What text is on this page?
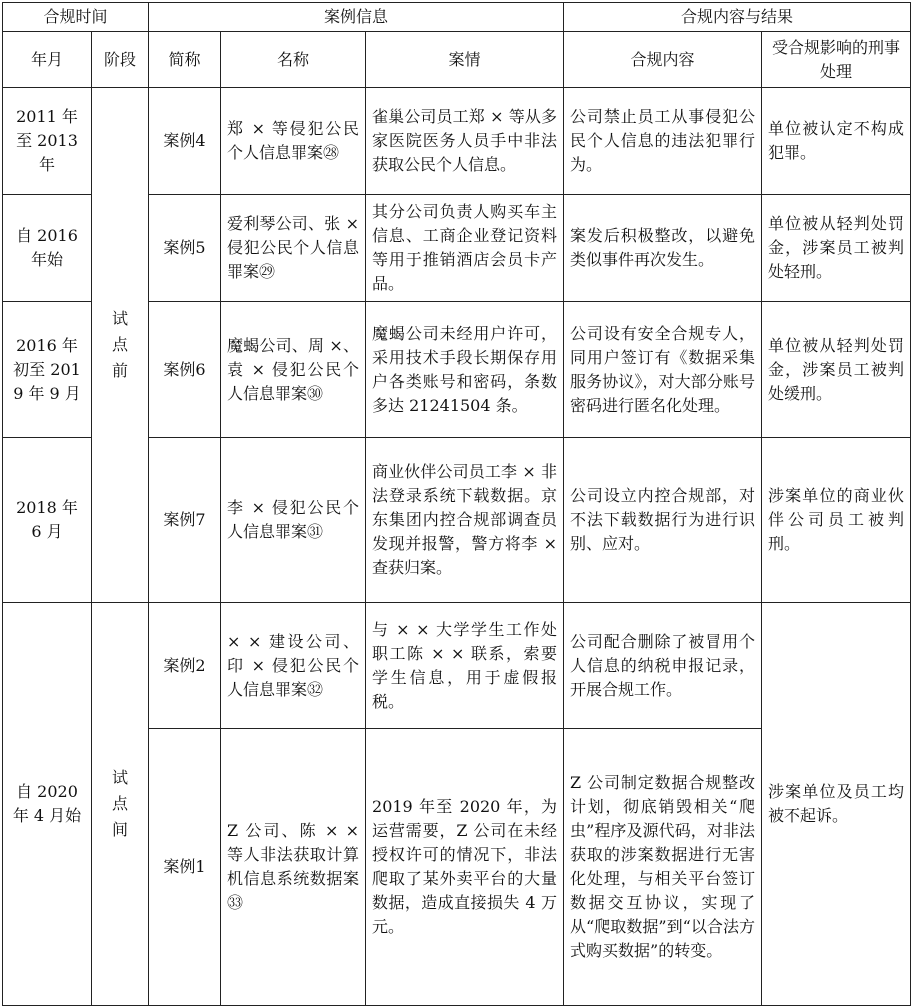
合规时间		案例信息			合规内容与结果	
年月	阶段	简称	名称	案情	合规内容	受合规影响的刑事处理
2011 年至 2013 年	试点前	案例4	郑 × 等侵犯公民个人信息罪案㉘	雀巢公司员工郑 × 等从多家医院医务人员手中非法获取公民个人信息。	公司禁止员工从事侵犯公民个人信息的违法犯罪行为。	单位被认定不构成犯罪。
自 2016 年始		案例5	爱利琴公司、张 × 侵犯公民个人信息罪案㉙	其分公司负责人购买车主信息、工商企业登记资料等用于推销酒店会员卡产品。	案发后积极整改，以避免类似事件再次发生。	单位被从轻判处罚金，涉案员工被判处轻刑。
2016 年初至 2019 年 9 月		案例6	魔蝎公司、周 ×、袁 × 侵犯公民个人信息罪案㉚	魔蝎公司未经用户许可，采用技术手段长期保存用户各类账号和密码，条数多达 21241504 条。	公司设有安全合规专人，同用户签订有《数据采集服务协议》，对大部分账号密码进行匿名化处理。	单位被从轻判处罚金，涉案员工被判处缓刑。
2018 年 6 月		案例7	李 × 侵犯公民个人信息罪案㉛	商业伙伴公司员工李 × 非法登录系统下载数据。京东集团内控合规部调查员发现并报警，警方将李 × 查获归案。	公司设立内控合规部，对不法下载数据行为进行识别、应对。	涉案单位的商业伙伴公司员工被判刑。
自 2020 年 4 月始	试点间	案例2	× × 建设公司、印 × 侵犯公民个人信息罪案㉜	与 × × 大学学生工作处职工陈 × × 联系，索要学生信息，用于虚假报税。	公司配合删除了被冒用个人信息的纳税申报记录，开展合规工作。	涉案单位及员工均被不起诉。
		案例1	Z 公司、陈 × × 等人非法获取计算机信息系统数据案㉝	2019 年至 2020 年，为运营需要，Z 公司在未经授权许可的情况下，非法爬取了某外卖平台的大量数据，造成直接损失 4 万元。	Z 公司制定数据合规整改计划，彻底销毁相关“爬虫”程序及源代码，对非法获取的涉案数据进行无害化处理，与相关平台签订数据交互协议，实现了从“爬取数据”到“以合法方式购买数据”的转变。	
